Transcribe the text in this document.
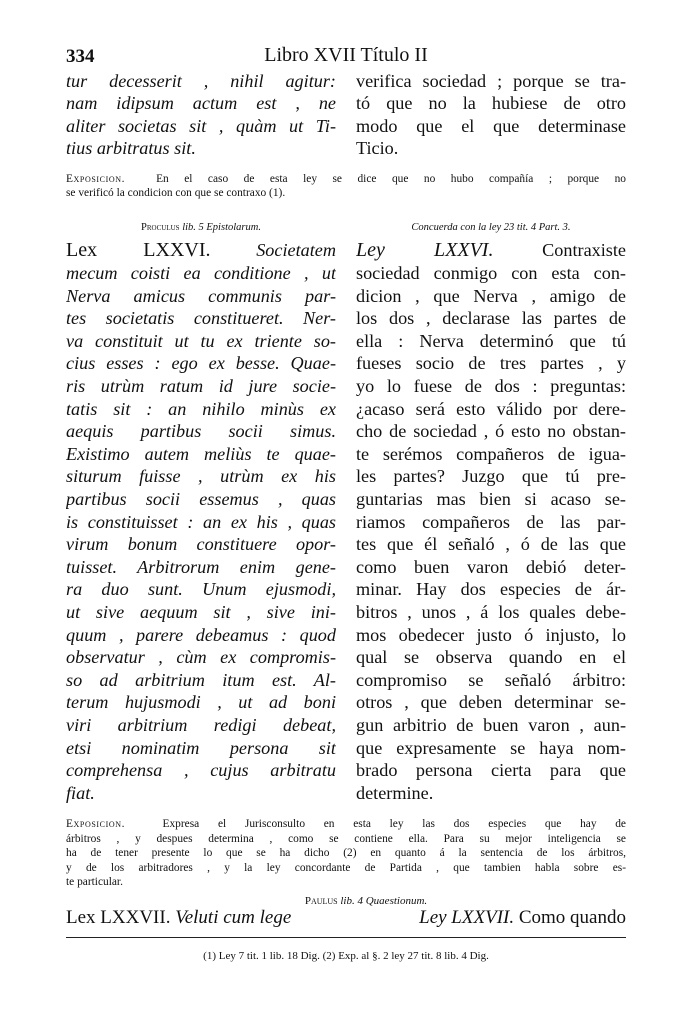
334	Libro XVII Título II
tur decesserit , nihil agitur:
nam idipsum actum est , ne
aliter societas sit , quàm ut Ti-
tius arbitratus sit.
verifica sociedad ; porque se tra-
tó que no la hubiese de otro
modo que el que determinase
Ticio.
Exposicion.	En el caso de esta ley se dice que no hubo compañía ; porque no
se verificó la condicion con que se contraxo (1).
Proculus lib. 5 Epistolarum.	Concuerda con la ley 23 tit. 4 Part. 3.
Lex LXXVI.	Societatem
mecum coisti ea conditione , ut
Nerva amicus communis par-
tes societatis constitueret. Ner-
va constituit ut tu ex triente so-
cius esses : ego ex besse. Quae-
ris utrùm ratum id jure socie-
tatis sit : an nihilo minùs ex
aequis partibus socii simus.
Existimo autem meliùs te quae-
siturum fuisse , utrùm ex his
partibus socii essemus , quas
is constituisset : an ex his , quas
virum bonum constituere opor-
tuisset. Arbitrorum enim gene-
ra duo sunt. Unum ejusmodi,
ut sive aequum sit , sive ini-
quum , parere debeamus : quod
observatur , cùm ex compromis-
so ad arbitrium itum est. Al-
terum hujusmodi , ut ad boni
viri arbitrium redigi debeat,
etsi nominatim persona sit
comprehensa , cujus arbitratu
fiat.
Ley LXXVI.	Contraxiste
sociedad conmigo con esta con-
dicion , que Nerva , amigo de
los dos , declarase las partes de
ella : Nerva determinó que tú
fueses socio de tres partes , y
yo lo fuese de dos : preguntas:
¿acaso será esto válido por dere-
cho de sociedad , ó esto no obstan-
te serémos compañeros de igua-
les partes? Juzgo que tú pre-
guntarias mas bien si acaso se-
riamos compañeros de las par-
tes que él señaló , ó de las que
como buen varon debió deter-
minar. Hay dos especies de ár-
bitros , unos , á los quales debe-
mos obedecer justo ó injusto, lo
qual se observa quando en el
compromiso se señaló árbitro:
otros , que deben determinar se-
gun arbitrio de buen varon , aun-
que expresamente se haya nom-
brado persona cierta para que
determine.
Exposicion.	Expresa el Jurisconsulto en esta ley las dos especies que hay de
árbitros , y despues determina , como se contiene ella. Para su mejor inteligencia se
ha de tener presente lo que se ha dicho (2) en quanto á la sentencia de los árbitros,
y de los arbitradores , y la ley concordante de Partida , que tambien habla sobre es-
te particular.
Paulus lib. 4 Quaestionum.
Lex LXXVII. Veluti cum lege	Ley LXXVII. Como quando
(1) Ley 7 tit. 1 lib. 18 Dig. (2) Exp. al §. 2 ley 27 tit. 8 lib. 4 Dig.
